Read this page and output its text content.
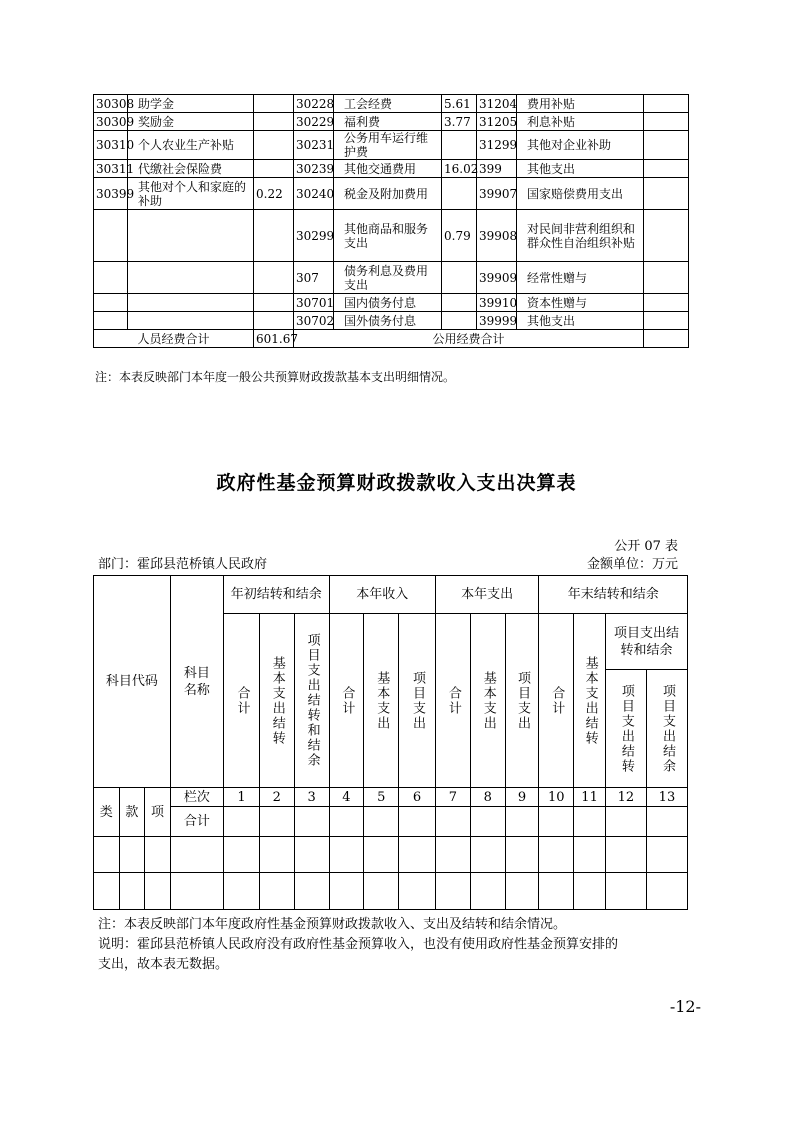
30308	助学金		30228	工会经费	5.61	31204	费用补贴	
30309	奖励金		30229	福利费	3.77	31205	利息补贴	
30310	个人农业生产补贴		30231	公务用车运行维护费		31299	其他对企业补助	
30311	代缴社会保险费		30239	其他交通费用	16.02	399	其他支出	
30399	其他对个人和家庭的补助	0.22	30240	税金及附加费用		39907	国家赔偿费用支出	
			30299	其他商品和服务支出	0.79	39908	对民间非营利组织和群众性自治组织补贴	
			307	债务利息及费用支出		39909	经常性赠与	
			30701	国内债务付息		39910	资本性赠与	
			30702	国外债务付息		39999	其他支出	
人员经费合计		601.67	公用经费合计					
注：本表反映部门本年度一般公共预算财政拨款基本支出明细情况。
政府性基金预算财政拨款收入支出决算表
公开 07 表
部门：霍邱县范桥镇人民政府	金额单位：万元
科目代码			科目名称	年初结转和结余			本年收入			本年支出			年末结转和结余			

				合计	基本支出结转	项目支出结转和结余	合计	基本支出	项目支出	合计	基本支出	项目支出	合计	基本支出结转	项目支出结转和结余	

															项目支出结转	项目支出结余

类	款	项	栏次	1	2	3	4	5	6	7	8	9	10	11	12	13
			合计													

注：本表反映部门本年度政府性基金预算财政拨款收入、支出及结转和结余情况。
说明：霍邱县范桥镇人民政府没有政府性基金预算收入，也没有使用政府性基金预算安排的
支出，故本表无数据。
-12-
